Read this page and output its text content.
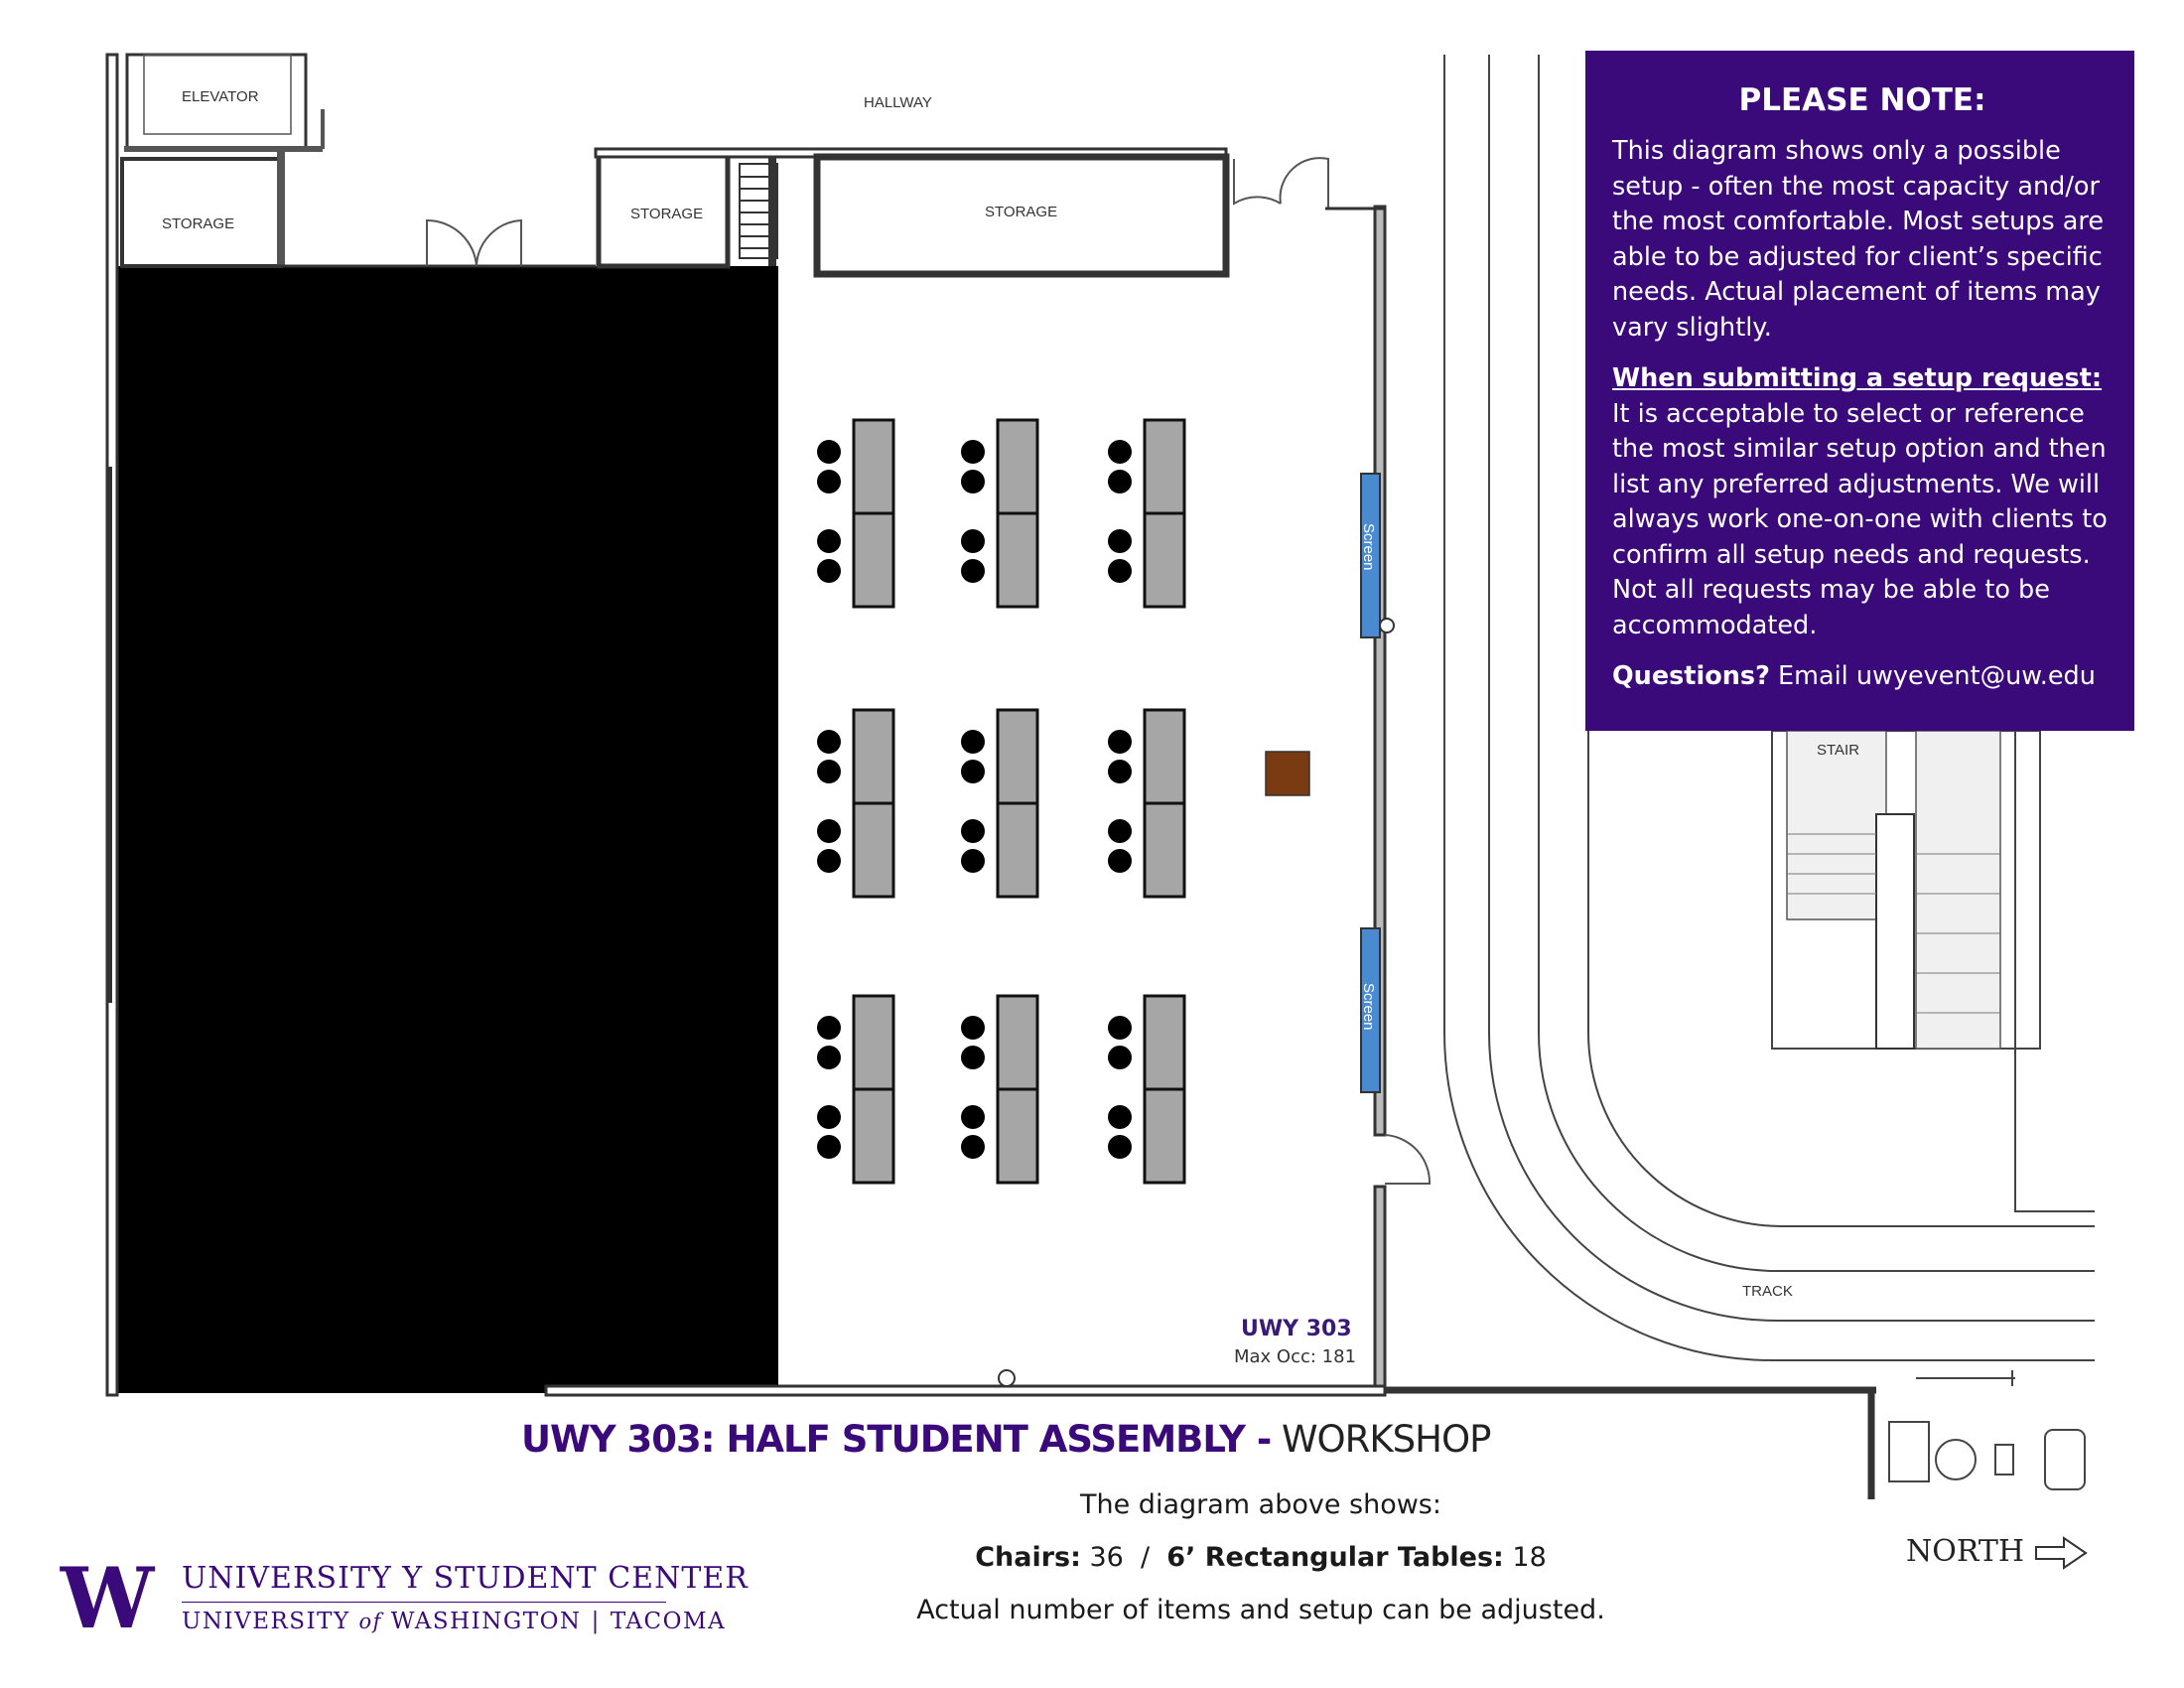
ELEVATOR
STORAGE
HALLWAY
STORAGE	STORAGE
Screen
Screen
UWY 303
Max Occ: 181
TRACK
STAIR
PLEASE NOTE:

This diagram shows only a possible setup - often the most capacity and/or the most comfortable. Most setups are able to be adjusted for client’s specific needs. Actual placement of items may vary slightly.

When submitting a setup request: It is acceptable to select or reference the most similar setup option and then list any preferred adjustments. We will always work one-on-one with clients to confirm all setup needs and requests. Not all requests may be able to be accommodated.

Questions? Email uwyevent@uw.edu

UWY 303: HALF STUDENT ASSEMBLY - WORKSHOP
The diagram above shows:
Chairs: 36  /  6’ Rectangular Tables: 18
Actual number of items and setup can be adjusted.
W UNIVERSITY Y STUDENT CENTER
UNIVERSITY of WASHINGTON | TACOMA
NORTH
